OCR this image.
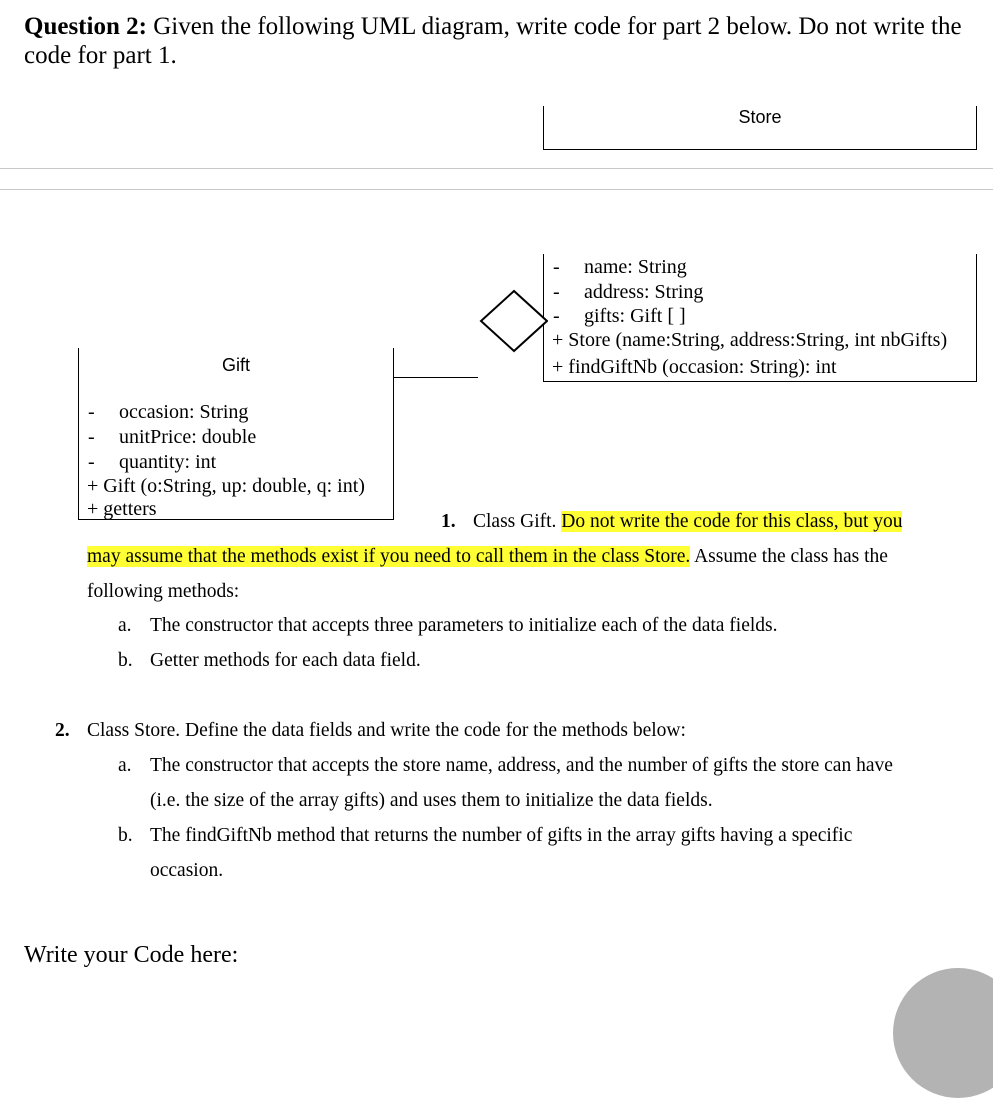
Question 2: Given the following UML diagram, write code for part 2 below. Do not write the code for part 1.
Store
- name: String
- address: String
- gifts: Gift [ ]
+ Store (name:String, address:String, int nbGifts)
+ findGiftNb (occasion: String): int
Gift
- occasion: String
- unitPrice: double
- quantity: int
+ Gift (o:String, up: double, q: int)
+ getters
1. Class Gift. Do not write the code for this class, but you
may assume that the methods exist if you need to call them in the class Store. Assume the class has the
following methods:
a. The constructor that accepts three parameters to initialize each of the data fields.
b. Getter methods for each data field.
2. Class Store. Define the data fields and write the code for the methods below:
a. The constructor that accepts the store name, address, and the number of gifts the store can have
(i.e. the size of the array gifts) and uses them to initialize the data fields.
b. The findGiftNb method that returns the number of gifts in the array gifts having a specific
occasion.
Write your Code here:
